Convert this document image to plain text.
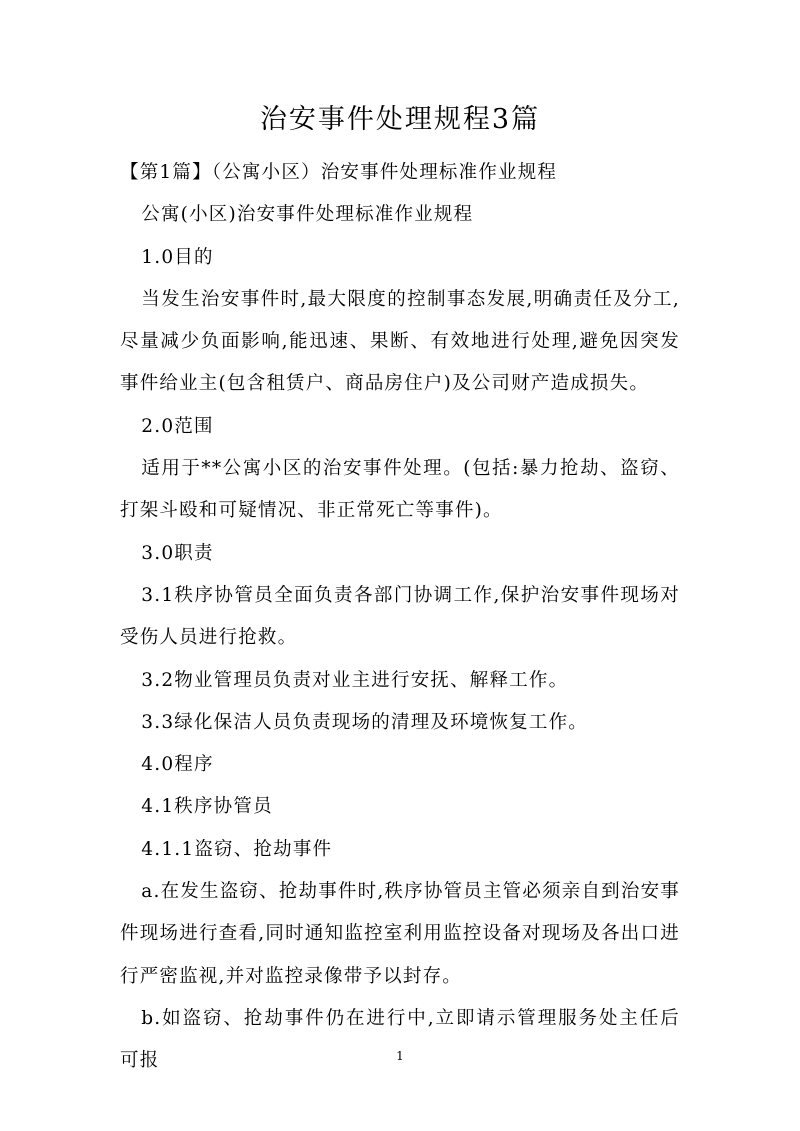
治安事件处理规程3篇

【第1篇】（公寓小区）治安事件处理标准作业规程

公寓(小区)治安事件处理标准作业规程

1.0目的

当发生治安事件时,最大限度的控制事态发展,明确责任及分工,尽量减少负面影响,能迅速、果断、有效地进行处理,避免因突发事件给业主(包含租赁户、商品房住户)及公司财产造成损失。

2.0范围

适用于**公寓小区的治安事件处理。(包括:暴力抢劫、盗窃、打架斗殴和可疑情况、非正常死亡等事件)。

3.0职责

3.1秩序协管员全面负责各部门协调工作,保护治安事件现场对受伤人员进行抢救。

3.2物业管理员负责对业主进行安抚、解释工作。

3.3绿化保洁人员负责现场的清理及环境恢复工作。

4.0程序

4.1秩序协管员

4.1.1盗窃、抢劫事件

a.在发生盗窃、抢劫事件时,秩序协管员主管必须亲自到治安事件现场进行查看,同时通知监控室利用监控设备对现场及各出口进行严密监视,并对监控录像带予以封存。

b.如盗窃、抢劫事件仍在进行中,立即请示管理服务处主任后可报	1
